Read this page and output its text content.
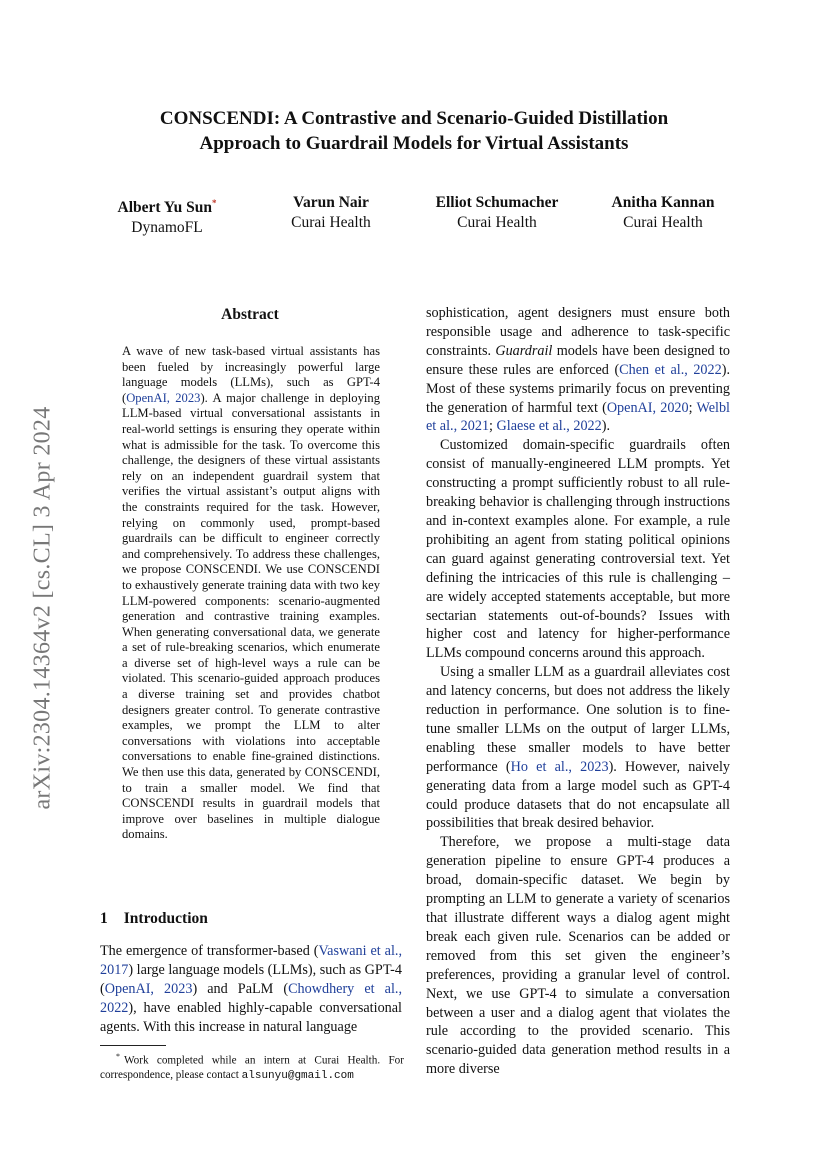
arXiv:2304.14364v2 [cs.CL] 3 Apr 2024
CONSCENDI: A Contrastive and Scenario-Guided Distillation
Approach to Guardrail Models for Virtual Assistants
Albert Yu Sun*
DynamoFL
Varun Nair
Curai Health
Elliot Schumacher
Curai Health
Anitha Kannan
Curai Health
Abstract
A wave of new task-based virtual assistants has been fueled by increasingly powerful large language models (LLMs), such as GPT-4 (OpenAI, 2023). A major challenge in deploying LLM-based virtual conversational assistants in real-world settings is ensuring they operate within what is admissible for the task. To overcome this challenge, the designers of these virtual assistants rely on an independent guardrail system that verifies the virtual assistant’s output aligns with the constraints required for the task. However, relying on commonly used, prompt-based guardrails can be difficult to engineer correctly and comprehensively. To address these challenges, we propose CONSCENDI. We use CONSCENDI to exhaustively generate training data with two key LLM-powered components: scenario-augmented generation and contrastive training examples. When generating conversational data, we generate a set of rule-breaking scenarios, which enumerate a diverse set of high-level ways a rule can be violated. This scenario-guided approach produces a diverse training set and provides chatbot designers greater control. To generate contrastive examples, we prompt the LLM to alter conversations with violations into acceptable conversations to enable fine-grained distinctions. We then use this data, generated by CONSCENDI, to train a smaller model. We find that CONSCENDI results in guardrail models that improve over baselines in multiple dialogue domains.
1 Introduction
The emergence of transformer-based (Vaswani et al., 2017) large language models (LLMs), such as GPT-4 (OpenAI, 2023) and PaLM (Chowdhery et al., 2022), have enabled highly-capable conversational agents. With this increase in natural language
* Work completed while an intern at Curai Health. For correspondence, please contact alsunyu@gmail.com

sophistication, agent designers must ensure both responsible usage and adherence to task-specific constraints. Guardrail models have been designed to ensure these rules are enforced (Chen et al., 2022). Most of these systems primarily focus on preventing the generation of harmful text (OpenAI, 2020; Welbl et al., 2021; Glaese et al., 2022).

Customized domain-specific guardrails often consist of manually-engineered LLM prompts. Yet constructing a prompt sufficiently robust to all rule-breaking behavior is challenging through instructions and in-context examples alone. For example, a rule prohibiting an agent from stating political opinions can guard against generating controversial text. Yet defining the intricacies of this rule is challenging – are widely accepted statements acceptable, but more sectarian statements out-of-bounds? Issues with higher cost and latency for higher-performance LLMs compound concerns around this approach.

Using a smaller LLM as a guardrail alleviates cost and latency concerns, but does not address the likely reduction in performance. One solution is to fine-tune smaller LLMs on the output of larger LLMs, enabling these smaller models to have better performance (Ho et al., 2023). However, naively generating data from a large model such as GPT-4 could produce datasets that do not encapsulate all possibilities that break desired behavior.

Therefore, we propose a multi-stage data generation pipeline to ensure GPT-4 produces a broad, domain-specific dataset. We begin by prompting an LLM to generate a variety of scenarios that illustrate different ways a dialog agent might break each given rule. Scenarios can be added or removed from this set given the engineer’s preferences, providing a granular level of control. Next, we use GPT-4 to simulate a conversation between a user and a dialog agent that violates the rule according to the provided scenario. This scenario-guided data generation method results in a more diverse
